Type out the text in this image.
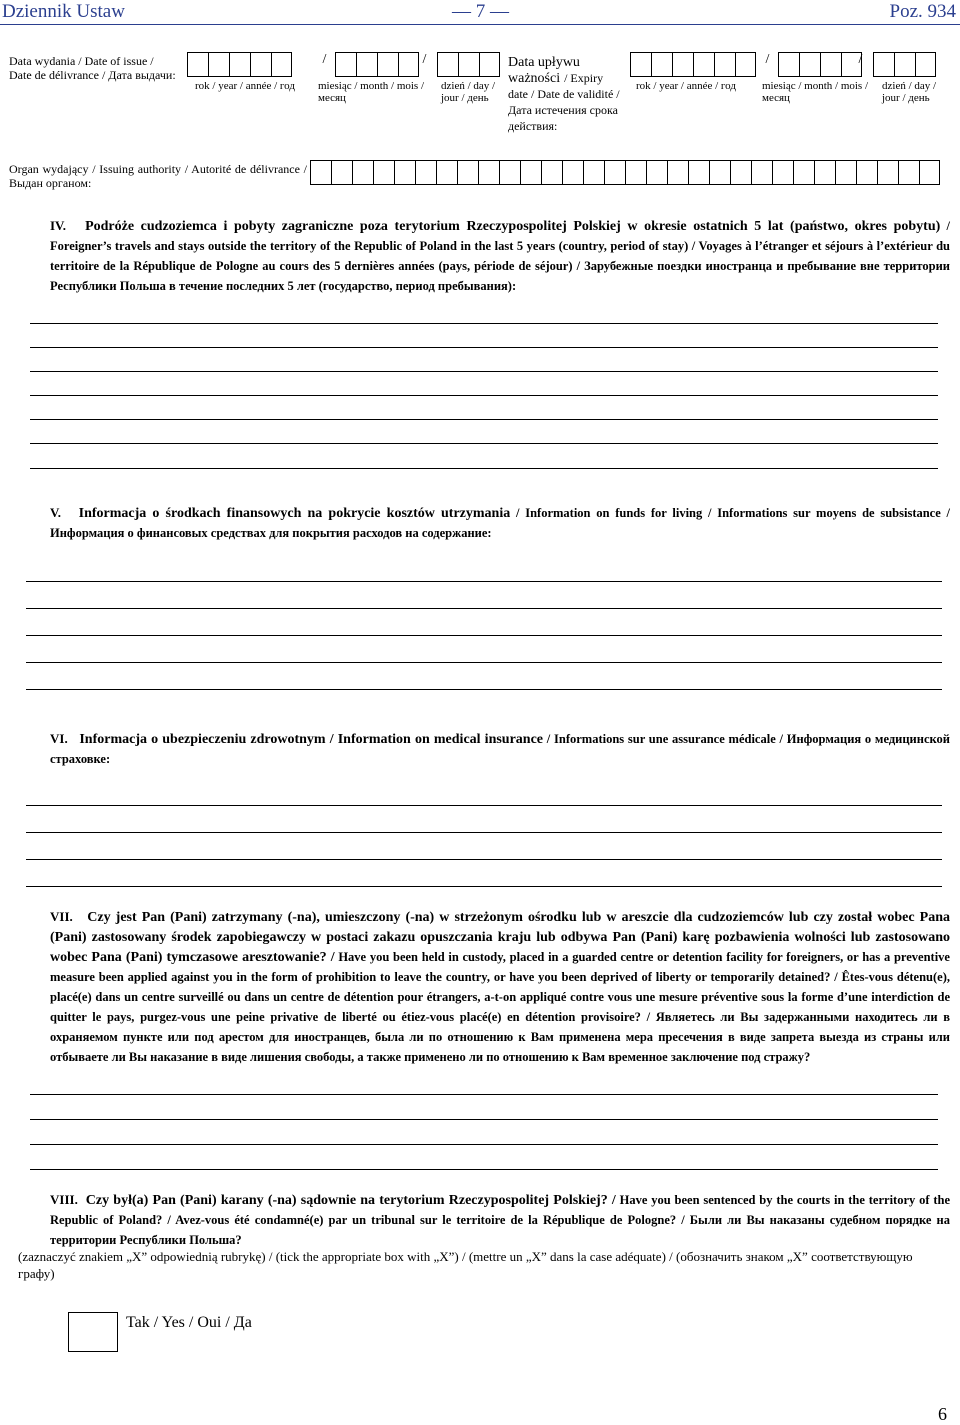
Dziennik Ustaw	— 7 —	Poz. 934
Data wydania / Date of issue / Date de délivrance / Дата выдачи:
/	/
rok / year / année / год miesiąc / month / mois / месяц
dzień / day / jour / день
Data upływu ważności / Expiry date / Date de validité / Дата истечения срока действия:
/	/
rok / year / année / год miesiąc / month / mois / месяц
dzień / day / jour / день
Organ wydający / Issuing authority / Autorité de délivrance / Выдан органом:
IV. Podróże cudzoziemca i pobyty zagraniczne poza terytorium Rzeczypospolitej Polskiej w okresie ostatnich 5 lat (państwo, okres pobytu) / Foreigner’s travels and stays outside the territory of the Republic of Poland in the last 5 years (country, period of stay) / Voyages à l’étranger et séjours à l’extérieur du territoire de la République de Pologne au cours des 5 dernières années (pays, période de séjour) / Зарубежные поездки иностранца и пребывание вне территории Республики Польша в течение последних 5 лет (государство, период пребывания):
V. Informacja o środkach finansowych na pokrycie kosztów utrzymania / Information on funds for living / Informations sur moyens de subsistance / Информация о финансовых средствах для покрытия расходов на содержание:
VI. Informacja o ubezpieczeniu zdrowotnym / Information on medical insurance / Informations sur une assurance médicale / Информация о медицинской страховке:
VII. Czy jest Pan (Pani) zatrzymany (-na), umieszczony (-na) w strzeżonym ośrodku lub w areszcie dla cudzoziemców lub czy został wobec Pana (Pani) zastosowany środek zapobiegawczy w postaci zakazu opuszczania kraju lub odbywa Pan (Pani) karę pozbawienia wolności lub zastosowano wobec Pana (Pani) tymczasowe aresztowanie? / Have you been held in custody, placed in a guarded centre or detention facility for foreigners, or has a preventive measure been applied against you in the form of prohibition to leave the country, or have you been deprived of liberty or temporarily detained? / Êtes-vous détenu(e), placé(e) dans un centre surveillé ou dans un centre de détention pour étrangers, a-t-on appliqué contre vous une mesure préventive sous la forme d’une interdiction de quitter le pays, purgez-vous une peine privative de liberté ou étiez-vous placé(e) en détention provisoire? / Являетесь ли Вы задержанными находитесь ли в охраняемом пункте или под арестом для иностранцев, была ли по отношению к Вам применена мера пресечения в виде запрета выезда из страны или отбываете ли Вы наказание в виде лишения свободы, а также применено ли по отношению к Вам временное заключение под стражу?
VIII. Czy był(a) Pan (Pani) karany (-na) sądownie na terytorium Rzeczypospolitej Polskiej? / Have you been sentenced by the courts in the territory of the Republic of Poland? / Avez-vous été condamné(e) par un tribunal sur le territoire de la République de Pologne? / Были ли Вы наказаны судебном порядке на территории Республики Польша?
(zaznaczyć znakiem „X” odpowiednią rubrykę) / (tick the appropriate box with „X”) / (mettre un „X” dans la case adéquate) / (обозначить знаком „X” соответствующую графу)
Tak / Yes / Oui / Да
6
